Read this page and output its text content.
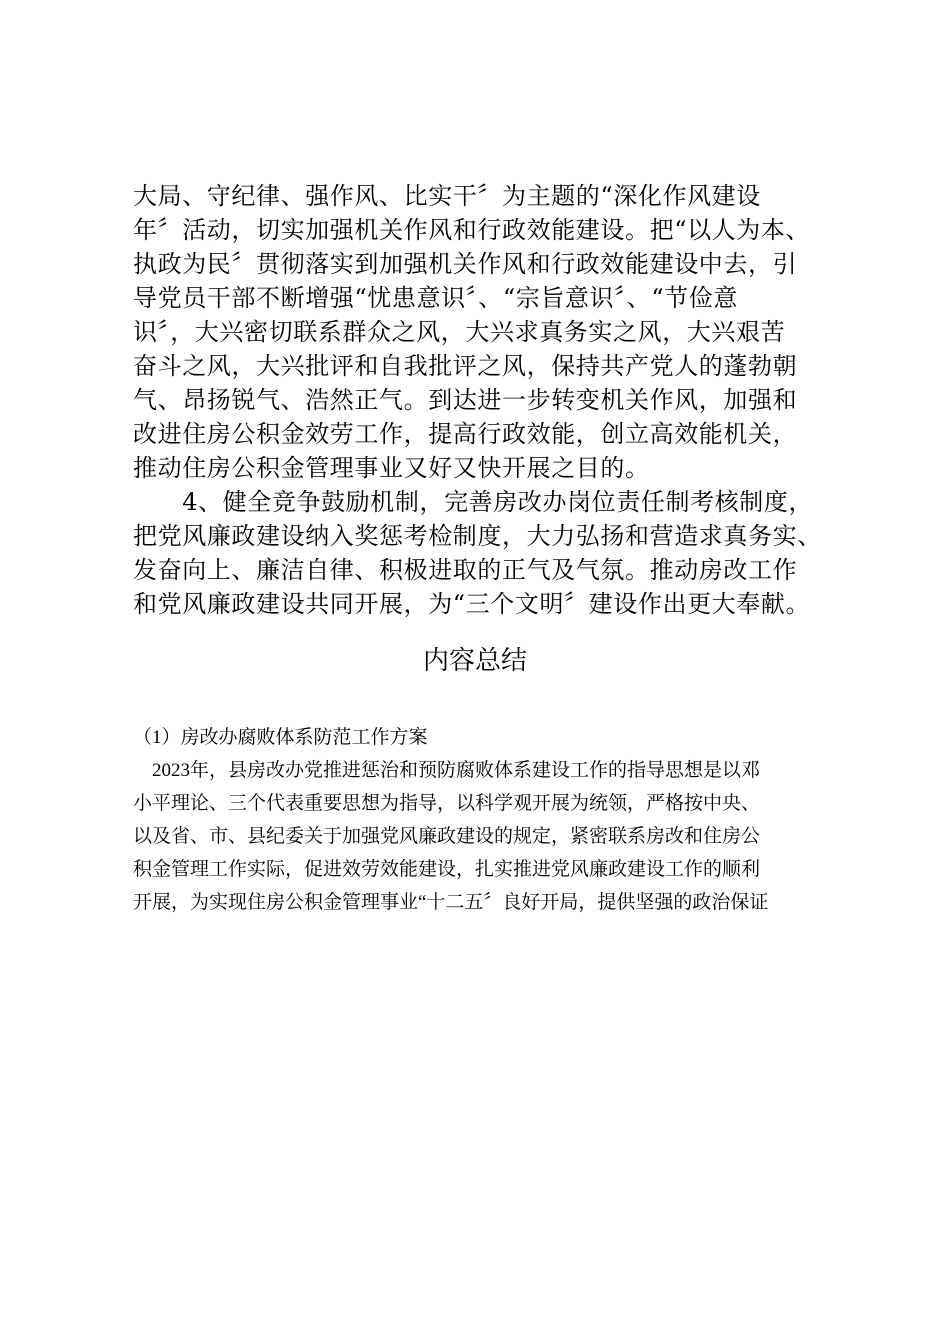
大局、守纪律、强作风、比实干〞为主题的“深化作风建设
年〞活动，切实加强机关作风和行政效能建设。把“以人为本、
执政为民〞贯彻落实到加强机关作风和行政效能建设中去，引
导党员干部不断增强“忧患意识〞、“宗旨意识〞、“节俭意
识〞，大兴密切联系群众之风，大兴求真务实之风，大兴艰苦
奋斗之风，大兴批评和自我批评之风，保持共产党人的蓬勃朝
气、昂扬锐气、浩然正气。到达进一步转变机关作风，加强和
改进住房公积金效劳工作，提高行政效能，创立高效能机关，
推动住房公积金管理事业又好又快开展之目的。
　　4、健全竞争鼓励机制，完善房改办岗位责任制考核制度，
把党风廉政建设纳入奖惩考检制度，大力弘扬和营造求真务实、
发奋向上、廉洁自律、积极进取的正气及气氛。推动房改工作
和党风廉政建设共同开展，为“三个文明〞建设作出更大奉献。
内容总结
（1）房改办腐败体系防范工作方案
　2023年，县房改办党推进惩治和预防腐败体系建设工作的指导思想是以邓
小平理论、三个代表重要思想为指导，以科学观开展为统领，严格按中央、
以及省、市、县纪委关于加强党风廉政建设的规定，紧密联系房改和住房公
积金管理工作实际，促进效劳效能建设，扎实推进党风廉政建设工作的顺利
开展，为实现住房公积金管理事业“十二五〞良好开局，提供坚强的政治保证
